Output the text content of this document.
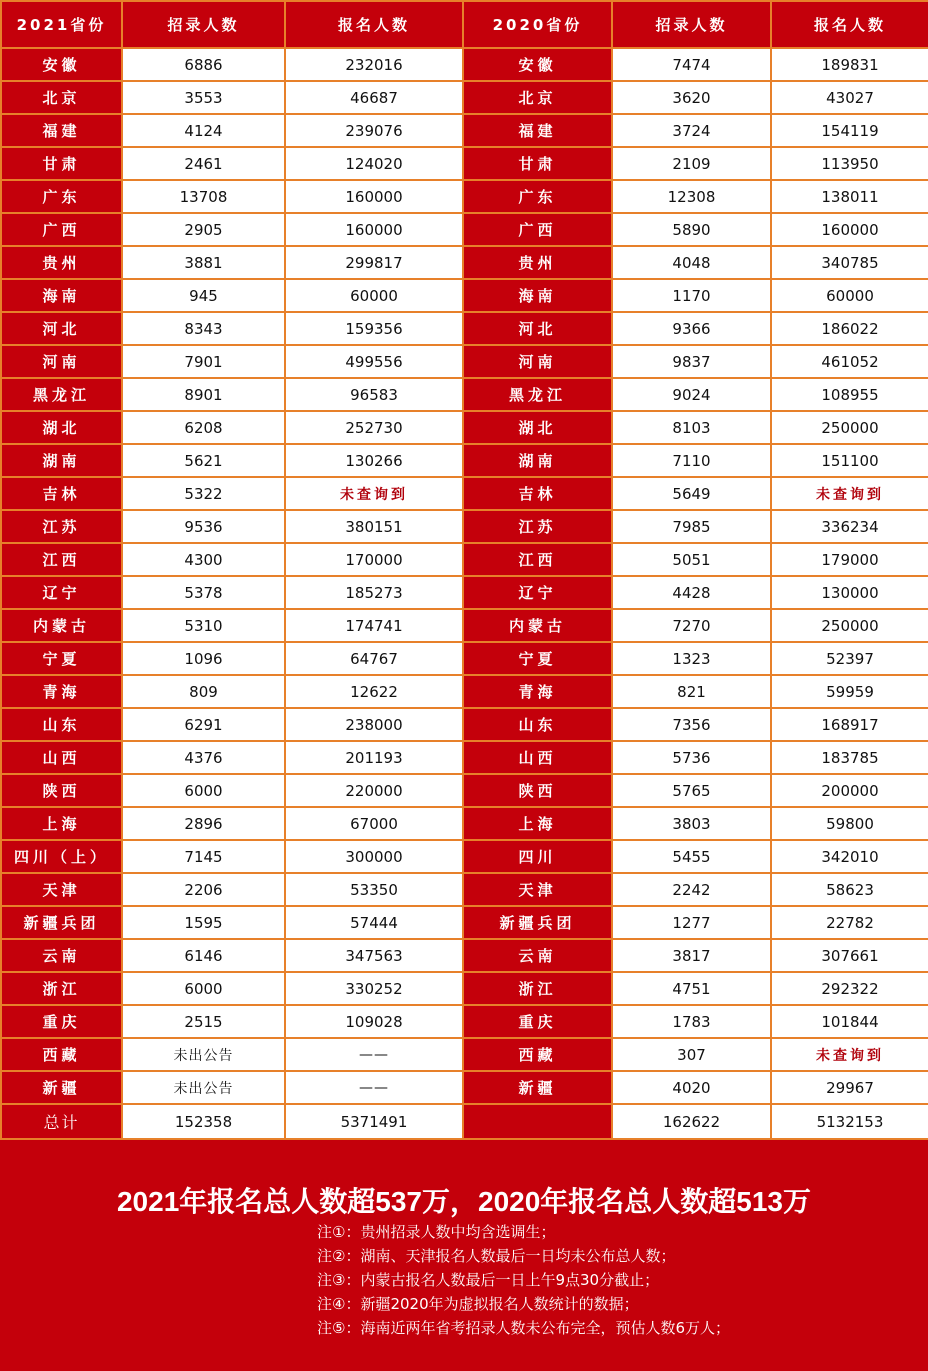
2021省份	招录人数	报名人数	2020省份	招录人数	报名人数
安徽	6886	232016	安徽	7474	189831
北京	3553	46687	北京	3620	43027
福建	4124	239076	福建	3724	154119
甘肃	2461	124020	甘肃	2109	113950
广东	13708	160000	广东	12308	138011
广西	2905	160000	广西	5890	160000
贵州	3881	299817	贵州	4048	340785
海南	945	60000	海南	1170	60000
河北	8343	159356	河北	9366	186022
河南	7901	499556	河南	9837	461052
黑龙江	8901	96583	黑龙江	9024	108955
湖北	6208	252730	湖北	8103	250000
湖南	5621	130266	湖南	7110	151100
吉林	5322	未查询到	吉林	5649	未查询到
江苏	9536	380151	江苏	7985	336234
江西	4300	170000	江西	5051	179000
辽宁	5378	185273	辽宁	4428	130000
内蒙古	5310	174741	内蒙古	7270	250000
宁夏	1096	64767	宁夏	1323	52397
青海	809	12622	青海	821	59959
山东	6291	238000	山东	7356	168917
山西	4376	201193	山西	5736	183785
陕西	6000	220000	陕西	5765	200000
上海	2896	67000	上海	3803	59800
四川（上）	7145	300000	四川	5455	342010
天津	2206	53350	天津	2242	58623
新疆兵团	1595	57444	新疆兵团	1277	22782
云南	6146	347563	云南	3817	307661
浙江	6000	330252	浙江	4751	292322
重庆	2515	109028	重庆	1783	101844
西藏	未出公告	——	西藏	307	未查询到
新疆	未出公告	——	新疆	4020	29967
总计	152358	5371491		162622	5132153
2021年报名总人数超537万，2020年报名总人数超513万
注①：贵州招录人数中均含选调生；
注②：湖南、天津报名人数最后一日均未公布总人数；
注③：内蒙古报名人数最后一日上午9点30分截止；
注④：新疆2020年为虚拟报名人数统计的数据；
注⑤：海南近两年省考招录人数未公布完全，预估人数6万人；
